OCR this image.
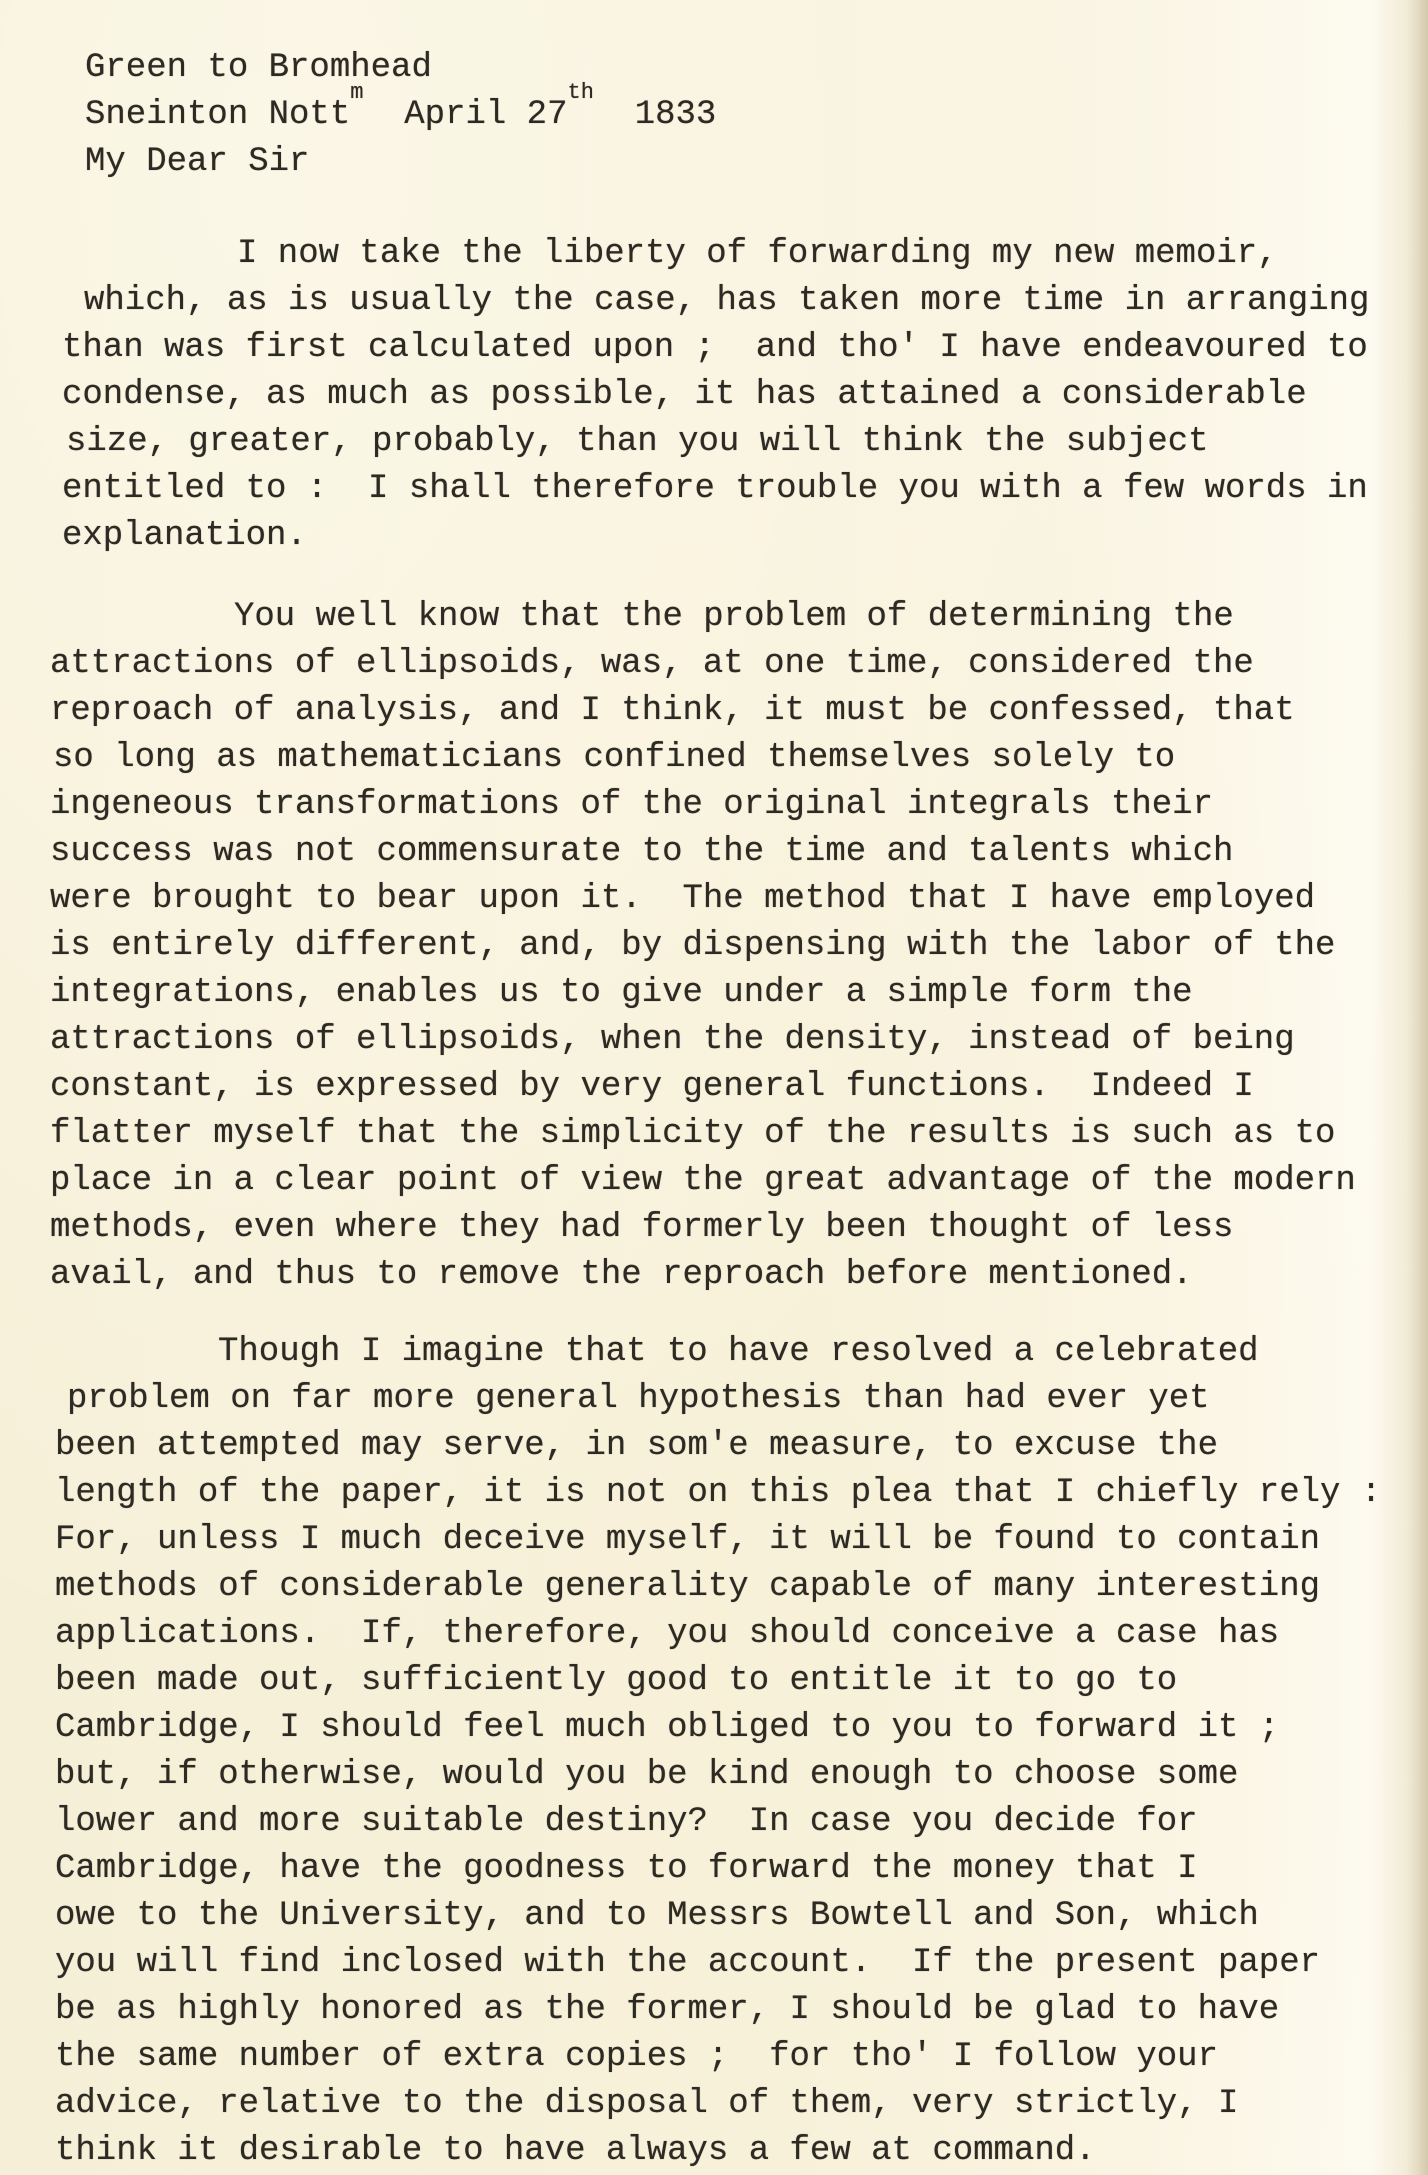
Green to Bromhead
Sneinton Nott$^m$  April 27th  1833
My Dear Sir
I now take the liberty of forwarding my new memoir,
which, as is usually the case, has taken more time in arranging
than was first calculated upon ;  and tho' I have endeavoured to
condense, as much as possible, it has attained a considerable
size, greater, probably, than you will think the subject
entitled to :  I shall therefore trouble you with a few words in
explanation.
You well know that the problem of determining the
attractions of ellipsoids, was, at one time, considered the
reproach of analysis, and I think, it must be confessed, that
so long as mathematicians confined themselves solely to
ingeneous transformations of the original integrals their
success was not commensurate to the time and talents which
were brought to bear upon it.  The method that I have employed
is entirely different, and, by dispensing with the labor of the
integrations, enables us to give under a simple form the
attractions of ellipsoids, when the density, instead of being
constant, is expressed by very general functions.  Indeed I
flatter myself that the simplicity of the results is such as to
place in a clear point of view the great advantage of the modern
methods, even where they had formerly been thought of less
avail, and thus to remove the reproach before mentioned.
Though I imagine that to have resolved a celebrated
problem on far more general hypothesis than had ever yet
been attempted may serve, in som'e measure, to excuse the
length of the paper, it is not on this plea that I chiefly rely :
For, unless I much deceive myself, it will be found to contain
methods of considerable generality capable of many interesting
applications.  If, therefore, you should conceive a case has
been made out, sufficiently good to entitle it to go to
Cambridge, I should feel much obliged to you to forward it ;
but, if otherwise, would you be kind enough to choose some
lower and more suitable destiny?  In case you decide for
Cambridge, have the goodness to forward the money that I
owe to the University, and to Messrs Bowtell and Son, which
you will find inclosed with the account.  If the present paper
be as highly honored as the former, I should be glad to have
the same number of extra copies ;  for tho' I follow your
advice, relative to the disposal of them, very strictly, I
think it desirable to have always a few at command.
